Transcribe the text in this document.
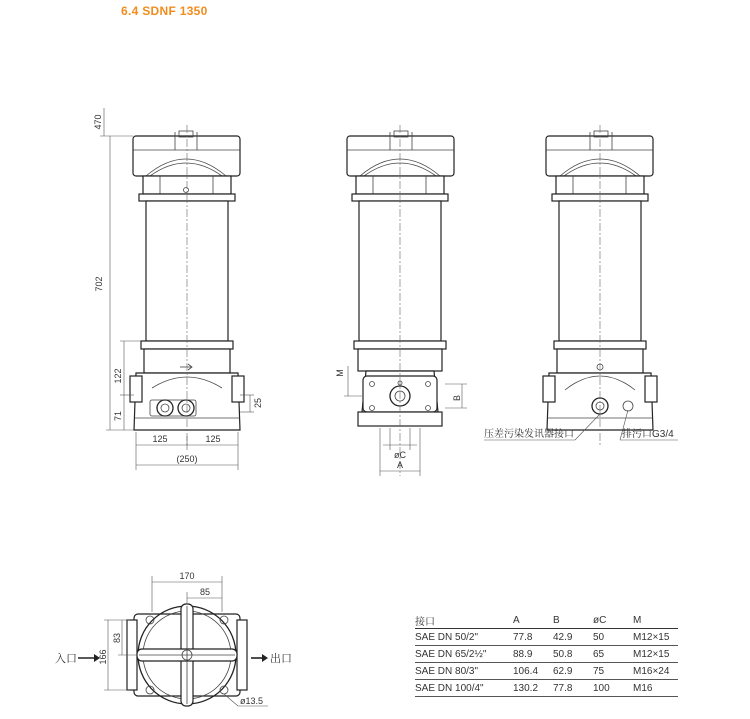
6.4 SDNF 1350
470
702
122
71
25
125	125
(250)
M
B
øC
A
压差污染发讯器接口	排污口G3/4
170
85
166
83
ø13.5
入口	出口
接口	A	B	øC	M
SAE DN 50/2"	77.8	42.9	50	M12×15
SAE DN 65/2½"	88.9	50.8	65	M12×15
SAE DN 80/3"	106.4	62.9	75	M16×24
SAE DN 100/4"	130.2	77.8	100	M16
